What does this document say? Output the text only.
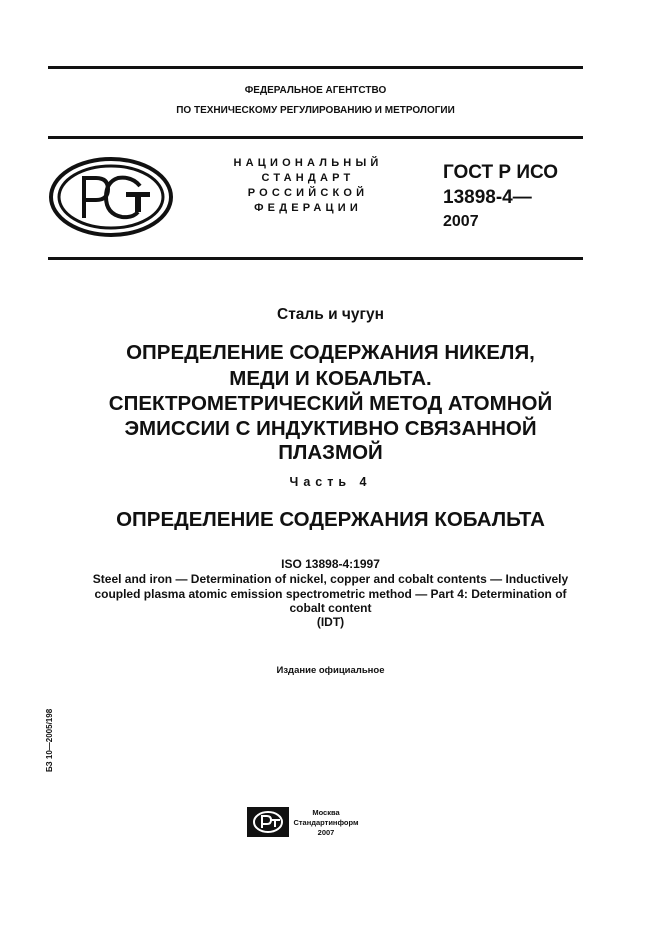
ФЕДЕРАЛЬНОЕ АГЕНТСТВО
ПО ТЕХНИЧЕСКОМУ РЕГУЛИРОВАНИЮ И МЕТРОЛОГИИ
НАЦИОНАЛЬНЫЙ
СТАНДАРТ
РОССИЙСКОЙ
ФЕДЕРАЦИИ
ГОСТ Р ИСО
13898-4—
2007
Сталь и чугун
ОПРЕДЕЛЕНИЕ СОДЕРЖАНИЯ НИКЕЛЯ,
МЕДИ И КОБАЛЬТА.
СПЕКТРОМЕТРИЧЕСКИЙ МЕТОД АТОМНОЙ
ЭМИССИИ С ИНДУКТИВНО СВЯЗАННОЙ
ПЛАЗМОЙ
Часть 4
ОПРЕДЕЛЕНИЕ СОДЕРЖАНИЯ КОБАЛЬТА
ISO 13898-4:1997
Steel and iron — Determination of nickel, copper and cobalt contents — Inductively
coupled plasma atomic emission spectrometric method — Part 4: Determination of
cobalt content
(IDT)
Издание официальное
БЗ 10—2005/198
Москва
Стандартинформ
2007
